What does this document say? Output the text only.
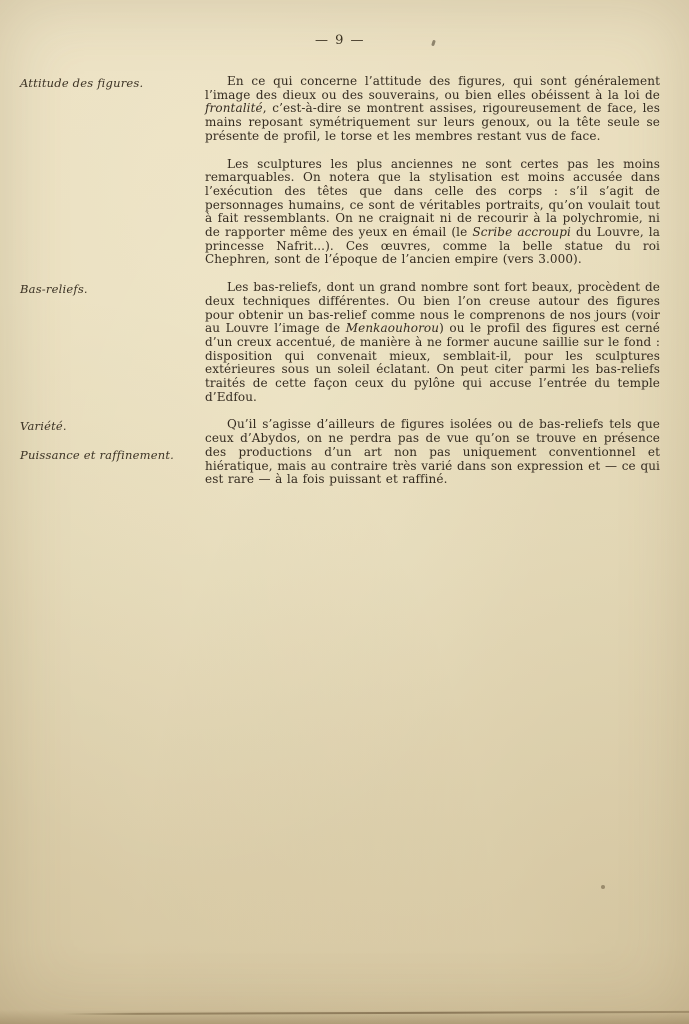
— 9 —
Attitude des figures.	En ce qui concerne l’attitude des figures, qui sont généralement l’image des dieux ou des souverains, ou bien elles obéissent à la loi de frontalité, c’est-à-dire se montrent assises, rigoureusement de face, les mains reposant symétriquement sur leurs genoux, ou la tête seule se présente de profil, le torse et les membres restant vus de face.

Les sculptures les plus anciennes ne sont certes pas les moins remarquables. On notera que la stylisation est moins accusée dans l’exécution des têtes que dans celle des corps : s’il s’agit de personnages humains, ce sont de véritables portraits, qu’on voulait tout à fait ressemblants. On ne craignait ni de recourir à la polychromie, ni de rapporter même des yeux en émail (le Scribe accroupi du Louvre, la princesse Nafrit...). Ces œuvres, comme la belle statue du roi Chephren, sont de l’époque de l’ancien empire (vers 3.000).

Bas-reliefs.	Les bas-reliefs, dont un grand nombre sont fort beaux, procèdent de deux techniques différentes. Ou bien l’on creuse autour des figures pour obtenir un bas-relief comme nous le comprenons de nos jours (voir au Louvre l’image de Menkaouhorou) ou le profil des figures est cerné d’un creux accentué, de manière à ne former aucune saillie sur le fond : disposition qui convenait mieux, semblait-il, pour les sculptures extérieures sous un soleil éclatant. On peut citer parmi les bas-reliefs traités de cette façon ceux du pylône qui accuse l’entrée du temple d’Edfou.

Variété.
Puissance et raffinement.

Qu’il s’agisse d’ailleurs de figures isolées ou de bas-reliefs tels que ceux d’Abydos, on ne perdra pas de vue qu’on se trouve en présence des productions d’un art non pas uniquement conventionnel et hiératique, mais au contraire très varié dans son expression et — ce qui est rare — à la fois puissant et raffiné.
